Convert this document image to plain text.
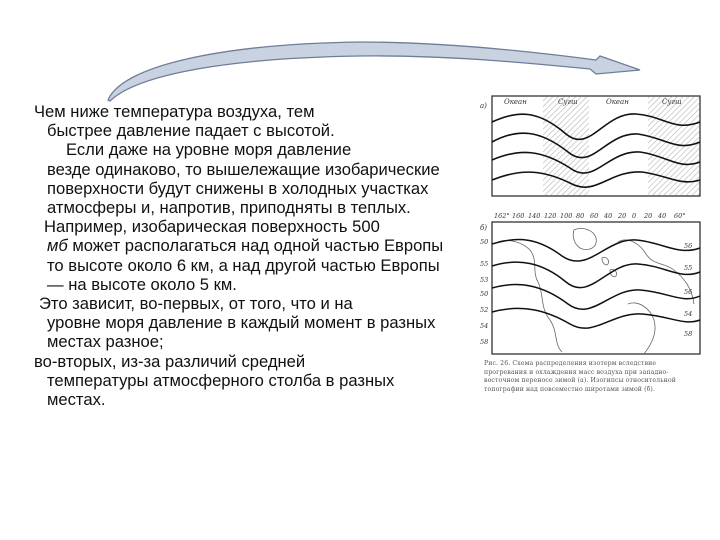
Чем ниже температура воздуха, тем
быстрее давление падает с высотой.

Если даже на уровне моря давление
везде одинаково, то вышележащие изобарические поверхности будут снижены в холодных участках атмосферы и, напротив, приподняты в теплых.

Например, изобарическая поверхность 500
мб может располагаться над одной частью Европы то высоте около 6 км, а над другой частью Европы — на высоте около 5 км.

Это зависит, во-первых, от того, что и на
уровне моря давление в каждый момент в разных местах разное;

во-вторых, из-за различий средней
температуры атмосферного столба в разных местах.

а) Океан	Сугш	Океан	Сугш
б)
162° 160 140 120 100 80 60 40 20 0 20 40 60°
50
55
53
50
52
54
58
56
55
56
54
58
Рис. 26. Схема распределения изотерм вследствие прогревания и охлаждения масс воздуха при западно-восточном переносе зимой (а). Изогипсы относительной топографии над повсеместно широтами зимой (б).
